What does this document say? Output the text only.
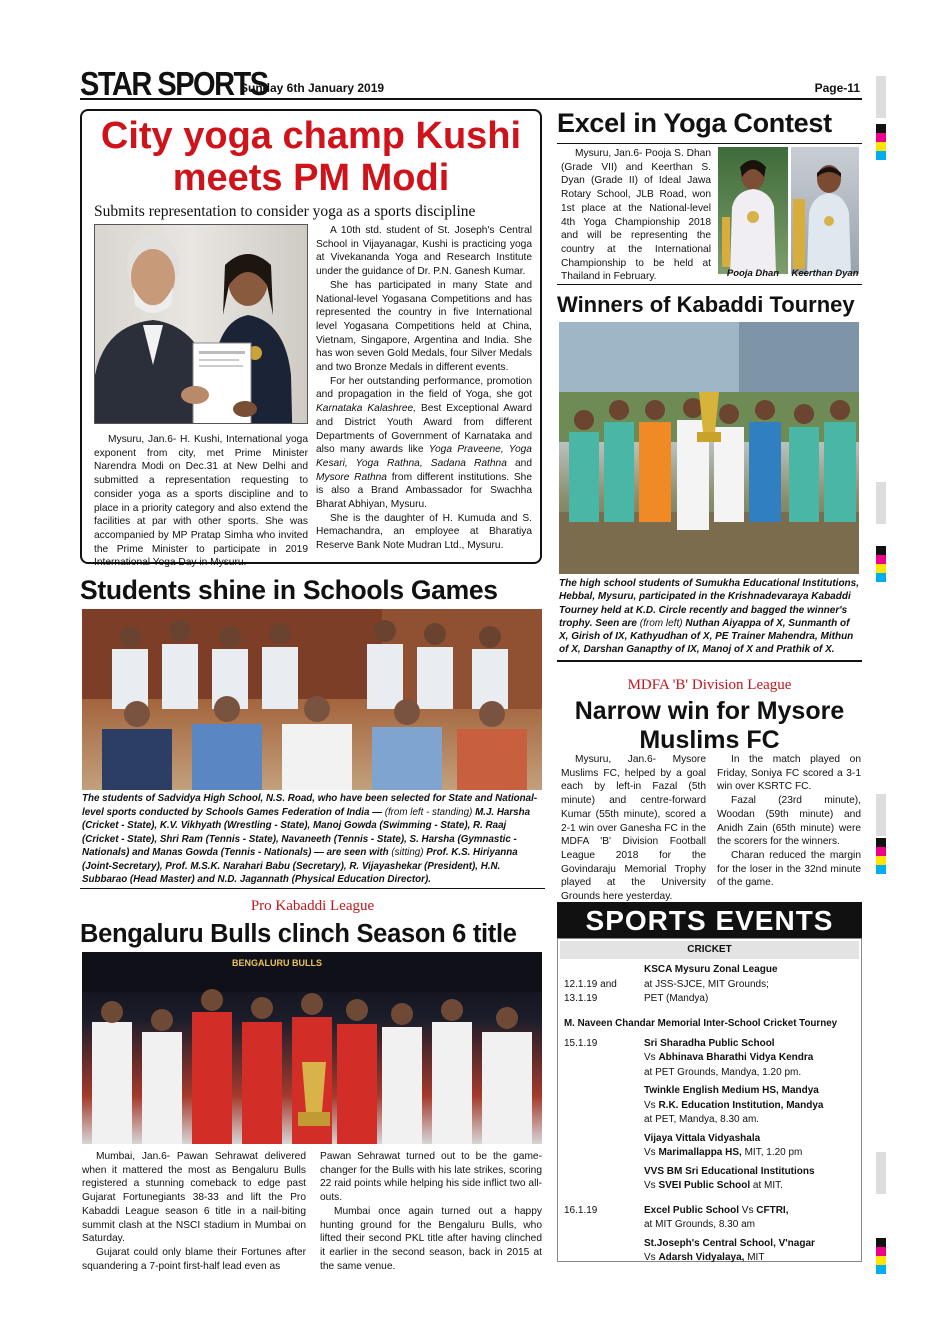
STAR SPORTS
Sunday 6th January 2019	Page-11
City yoga champ Kushi
meets PM Modi
Submits representation to consider yoga as a sports discipline

Mysuru, Jan.6- H. Kushi, International yoga exponent from city, met Prime Minister Narendra Modi on Dec.31 at New Delhi and submitted a representation requesting to consider yoga as a sports discipline and to place in a priority category and also extend the facilities at par with other sports. She was accompanied by MP Pratap Simha who invited the Prime Minister to participate in 2019 International Yoga Day in Mysuru.

A 10th std. student of St. Joseph's Central School in Vijayanagar, Kushi is practicing yoga at Vivekananda Yoga and Research Institute under the guidance of Dr. P.N. Ganesh Kumar.

She has participated in many State and National-level Yogasana Competitions and has represented the country in five International level Yogasana Competitions held at China, Vietnam, Singapore, Argentina and India. She has won seven Gold Medals, four Silver Medals and two Bronze Medals in different events.

For her outstanding performance, promotion and propagation in the field of Yoga, she got Karnataka Kalashree, Best Exceptional Award and District Youth Award from different Departments of Government of Karnataka and also many awards like Yoga Praveene, Yoga Kesari, Yoga Rathna, Sadana Rathna and Mysore Rathna from different institutions. She is also a Brand Ambassador for Swachha Bharat Abhiyan, Mysuru.

She is the daughter of H. Kumuda and S. Hemachandra, an employee at Bharatiya Reserve Bank Note Mudran Ltd., Mysuru.

Excel in Yoga Contest

Mysuru, Jan.6- Pooja S. Dhan (Grade VII) and Keerthan S. Dyan (Grade II) of Ideal Jawa Rotary School, JLB Road, won 1st place at the National-level 4th Yoga Championship 2018 and will be representing the country at the International Championship to be held at Thailand in February.	Pooja Dhan	Keerthan Dyan
Winners of Kabaddi Tourney
The high school students of Sumukha Educational Institutions, Hebbal, Mysuru, participated in the Krishnadevaraya Kabaddi Tourney held at K.D. Circle recently and bagged the winner's trophy. Seen are (from left) Nuthan Aiyappa of X, Sunmanth of X, Girish of IX, Kathyudhan of X, PE Trainer Mahendra, Mithun of X, Darshan Ganapthy of IX, Manoj of X and Prathik of X.
Students shine in Schools Games
The students of Sadvidya High School, N.S. Road, who have been selected for State and National-level sports conducted by Schools Games Federation of India — (from left - standing) M.J. Harsha (Cricket - State), K.V. Vikhyath (Wrestling - State), Manoj Gowda (Swimming - State), R. Raaj (Cricket - State), Shri Ram (Tennis - State), Navaneeth (Tennis - State), S. Harsha (Gymnastic - Nationals) and Manas Gowda (Tennis - Nationals) — are seen with (sitting) Prof. K.S. Hiriyanna (Joint-Secretary), Prof. M.S.K. Narahari Babu (Secretary), R. Vijayashekar (President), H.N. Subbarao (Head Master) and N.D. Jagannath (Physical Education Director).
MDFA 'B' Division League
Narrow win for Mysore
Muslims FC

Mysuru, Jan.6- Mysore Muslims FC, helped by a goal each by left-in Fazal (5th minute) and centre-forward Kumar (55th minute), scored a 2-1 win over Ganesha FC in the MDFA 'B' Division Football League 2018 for the Govindaraju Memorial Trophy played at the University Grounds here yesterday.

In the match played on Friday, Soniya FC scored a 3-1 win over KSRTC FC.

Fazal (23rd minute), Woodan (59th minute) and Anidh Zain (65th minute) were the scorers for the winners.

Charan reduced the margin for the loser in the 32nd minute of the game.

Pro Kabaddi League
Bengaluru Bulls clinch Season 6 title
BENGALURU BULLS

Mumbai, Jan.6- Pawan Sehrawat delivered when it mattered the most as Bengaluru Bulls registered a stunning comeback to edge past Gujarat Fortunegiants 38-33 and lift the Pro Kabaddi League season 6 title in a nail-biting summit clash at the NSCI stadium in Mumbai on Saturday.

Gujarat could only blame their Fortunes after squandering a 7-point first-half lead even as

Pawan Sehrawat turned out to be the game-changer for the Bulls with his late strikes, scoring 22 raid points while helping his side inflict two all-outs.

Mumbai once again turned out a happy hunting ground for the Bengaluru Bulls, who lifted their second PKL title after having clinched it earlier in the second season, back in 2015 at the same venue.

SPORTS EVENTS
CRICKET
KSCA Mysuru Zonal League
12.1.19 and	at JSS-SJCE, MIT Grounds;
13.1.19	PET (Mandya)
M. Naveen Chandar Memorial Inter-School Cricket Tourney
15.1.19	Sri Sharadha Public School
Vs Abhinava Bharathi Vidya Kendra
at PET Grounds, Mandya, 1.20 pm.
Twinkle English Medium HS, Mandya
Vs R.K. Education Institution, Mandya
at PET, Mandya, 8.30 am.
Vijaya Vittala Vidyashala
Vs Marimallappa HS, MIT, 1.20 pm
VVS BM Sri Educational Institutions
Vs SVEI Public School at MIT.
16.1.19	Excel Public School Vs CFTRI,
at MIT Grounds, 8.30 am
St.Joseph's Central School, V'nagar
Vs Adarsh Vidyalaya, MIT
